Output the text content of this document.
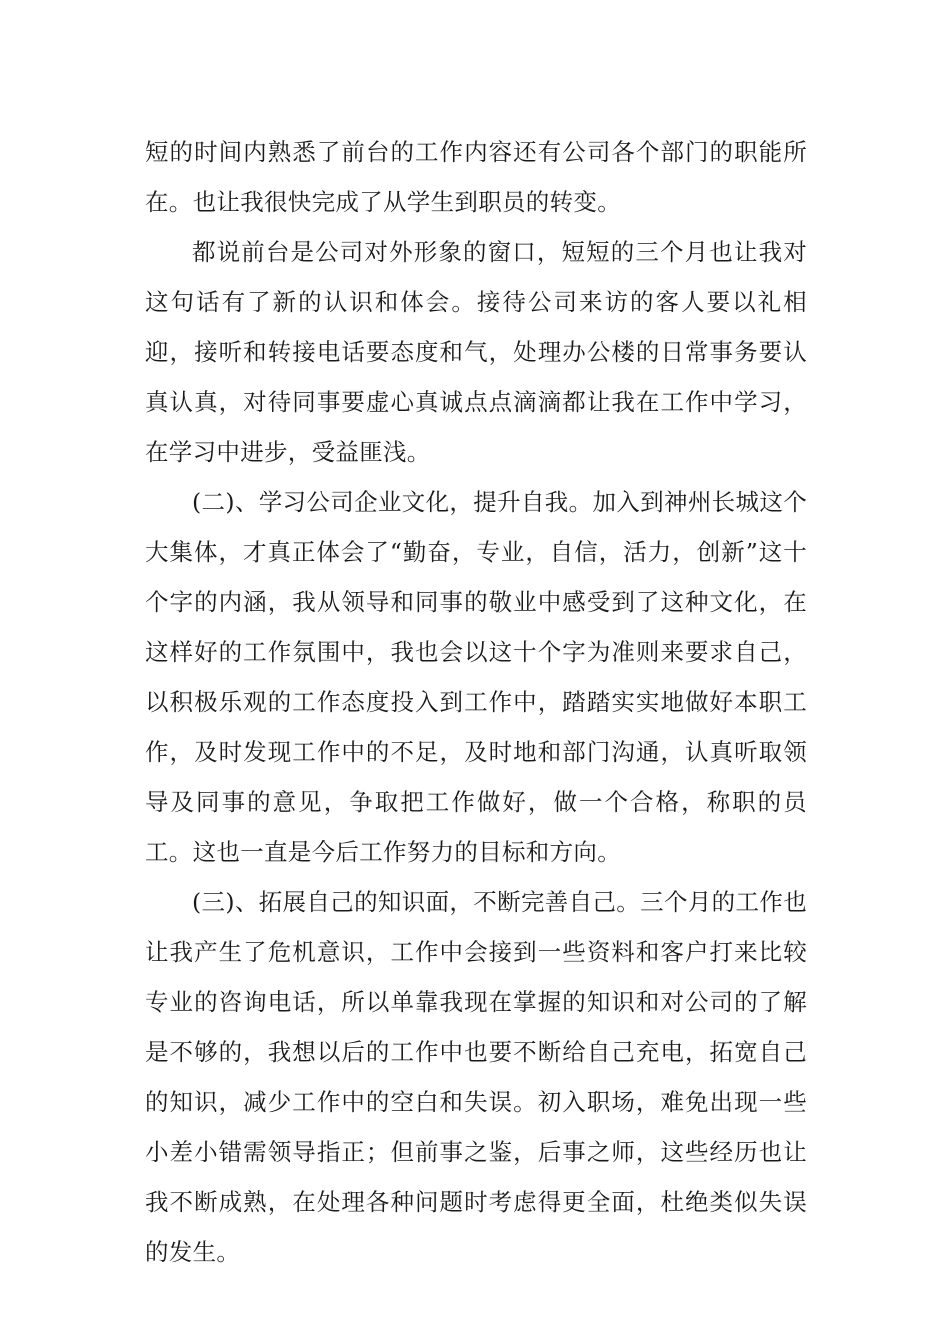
短的时间内熟悉了前台的工作内容还有公司各个部门的职能所在。也让我很快完成了从学生到职员的转变。

都说前台是公司对外形象的窗口，短短的三个月也让我对这句话有了新的认识和体会。接待公司来访的客人要以礼相迎，接听和转接电话要态度和气，处理办公楼的日常事务要认真认真，对待同事要虚心真诚点点滴滴都让我在工作中学习，在学习中进步，受益匪浅。

(二)、学习公司企业文化，提升自我。加入到神州长城这个大集体，才真正体会了“勤奋，专业，自信，活力，创新”这十个字的内涵，我从领导和同事的敬业中感受到了这种文化，在这样好的工作氛围中，我也会以这十个字为准则来要求自己，以积极乐观的工作态度投入到工作中，踏踏实实地做好本职工作，及时发现工作中的不足，及时地和部门沟通，认真听取领导及同事的意见，争取把工作做好，做一个合格，称职的员工。这也一直是今后工作努力的目标和方向。

(三)、拓展自己的知识面，不断完善自己。三个月的工作也让我产生了危机意识，工作中会接到一些资料和客户打来比较专业的咨询电话，所以单靠我现在掌握的知识和对公司的了解是不够的，我想以后的工作中也要不断给自己充电，拓宽自己的知识，减少工作中的空白和失误。初入职场，难免出现一些小差小错需领导指正；但前事之鉴，后事之师，这些经历也让我不断成熟，在处理各种问题时考虑得更全面，杜绝类似失误的发生。
